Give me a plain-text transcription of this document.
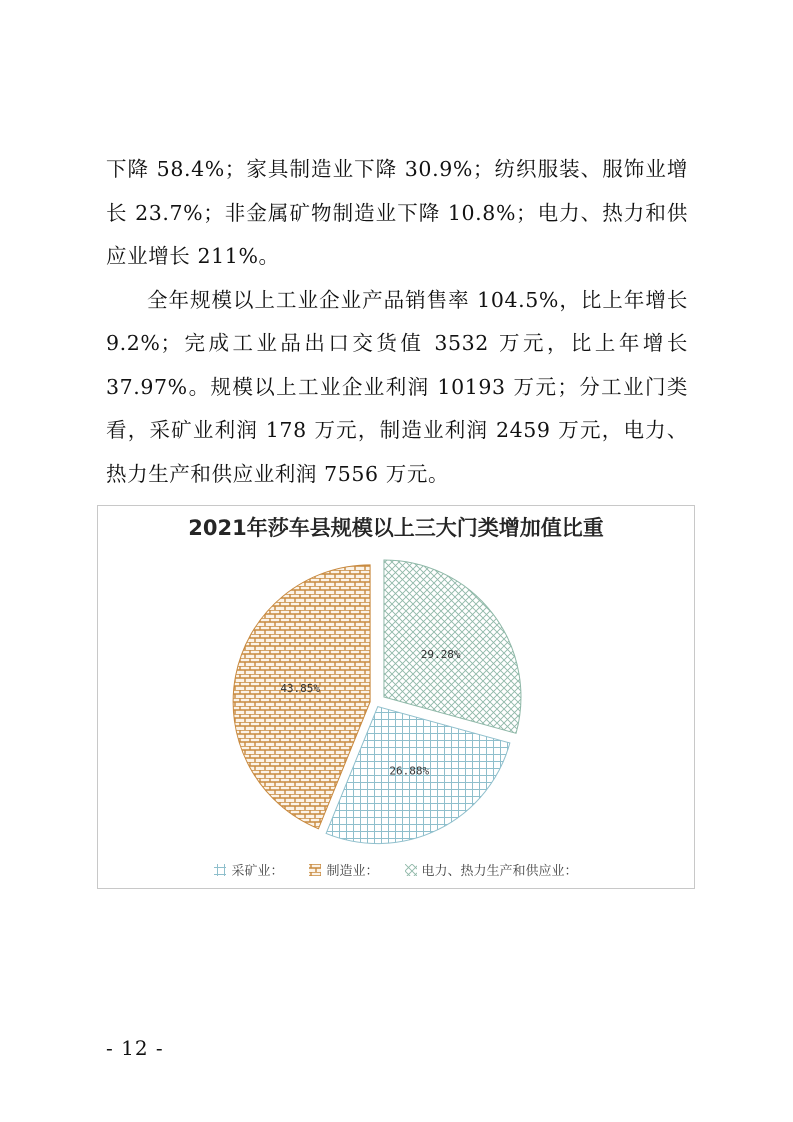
下降 58.4%；家具制造业下降 30.9%；纺织服装、服饰业增长 23.7%；非金属矿物制造业下降 10.8%；电力、热力和供应业增长 211%。

全年规模以上工业企业产品销售率 104.5%，比上年增长 9.2%；完成工业品出口交货值 3532 万元，比上年增长 37.97%。规模以上工业企业利润 10193 万元；分工业门类看，采矿业利润 178 万元，制造业利润 2459 万元，电力、热力生产和供应业利润 7556 万元。

2021年莎车县规模以上三大门类增加值比重
29.28%
26.88%
43.85%
采矿业：	制造业：	电力、热力生产和供应业：
- 12 -
